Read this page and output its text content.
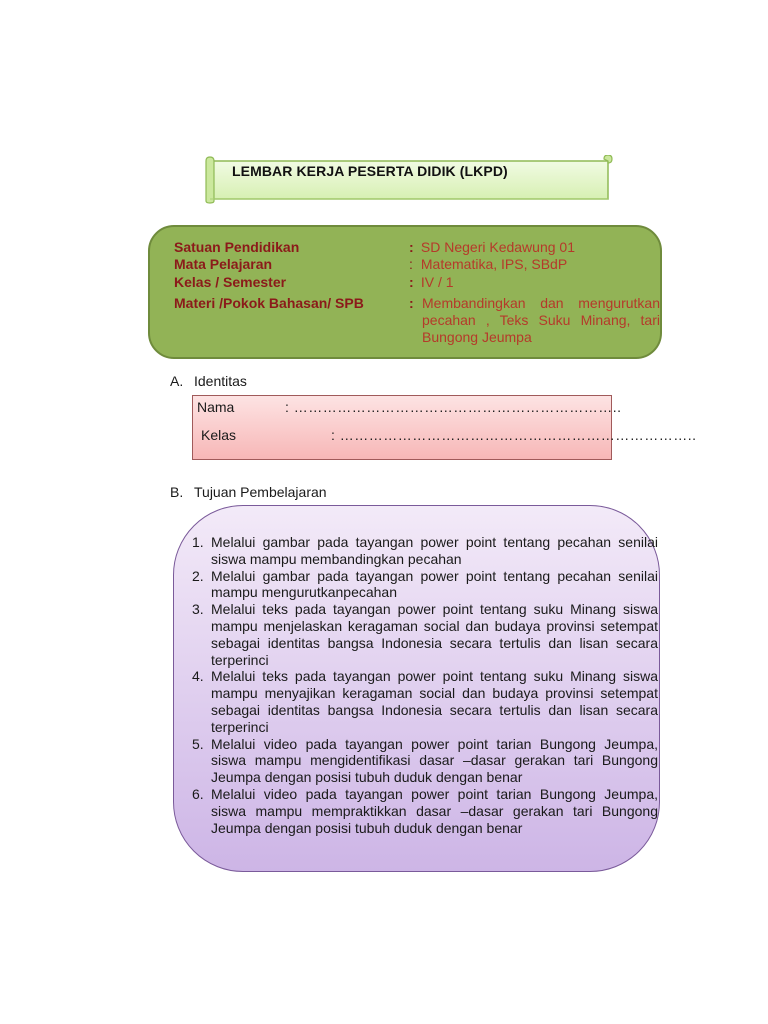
LEMBAR KERJA PESERTA DIDIK (LKPD)
Satuan Pendidikan	: SD Negeri Kedawung 01
Mata Pelajaran	: Matematika, IPS, SBdP
Kelas / Semester	: IV / 1
Materi /Pokok Bahasan/ SPB	: Membandingkan dan mengurutkan pecahan , Teks Suku Minang, tari Bungong Jeumpa
A. Identitas
Nama	: …………………………………………………………..
Kelas	: ………………………………………………………………..
B. Tujuan Pembelajaran
1. Melalui gambar pada tayangan power point tentang pecahan senilai siswa mampu membandingkan pecahan
2. Melalui gambar pada tayangan power point tentang pecahan senilai mampu mengurutkanpecahan
3. Melalui teks pada tayangan power point tentang suku Minang siswa mampu menjelaskan keragaman social dan budaya provinsi setempat sebagai identitas bangsa Indonesia secara tertulis dan lisan secara terperinci
4. Melalui teks pada tayangan power point tentang suku Minang siswa mampu menyajikan keragaman social dan budaya provinsi setempat sebagai identitas bangsa Indonesia secara tertulis dan lisan secara terperinci
5. Melalui video pada tayangan power point tarian Bungong Jeumpa, siswa mampu mengidentifikasi dasar –dasar gerakan tari Bungong Jeumpa dengan posisi tubuh duduk dengan benar
6. Melalui video pada tayangan power point tarian Bungong Jeumpa, siswa mampu mempraktikkan dasar –dasar gerakan tari Bungong Jeumpa dengan posisi tubuh duduk dengan benar
